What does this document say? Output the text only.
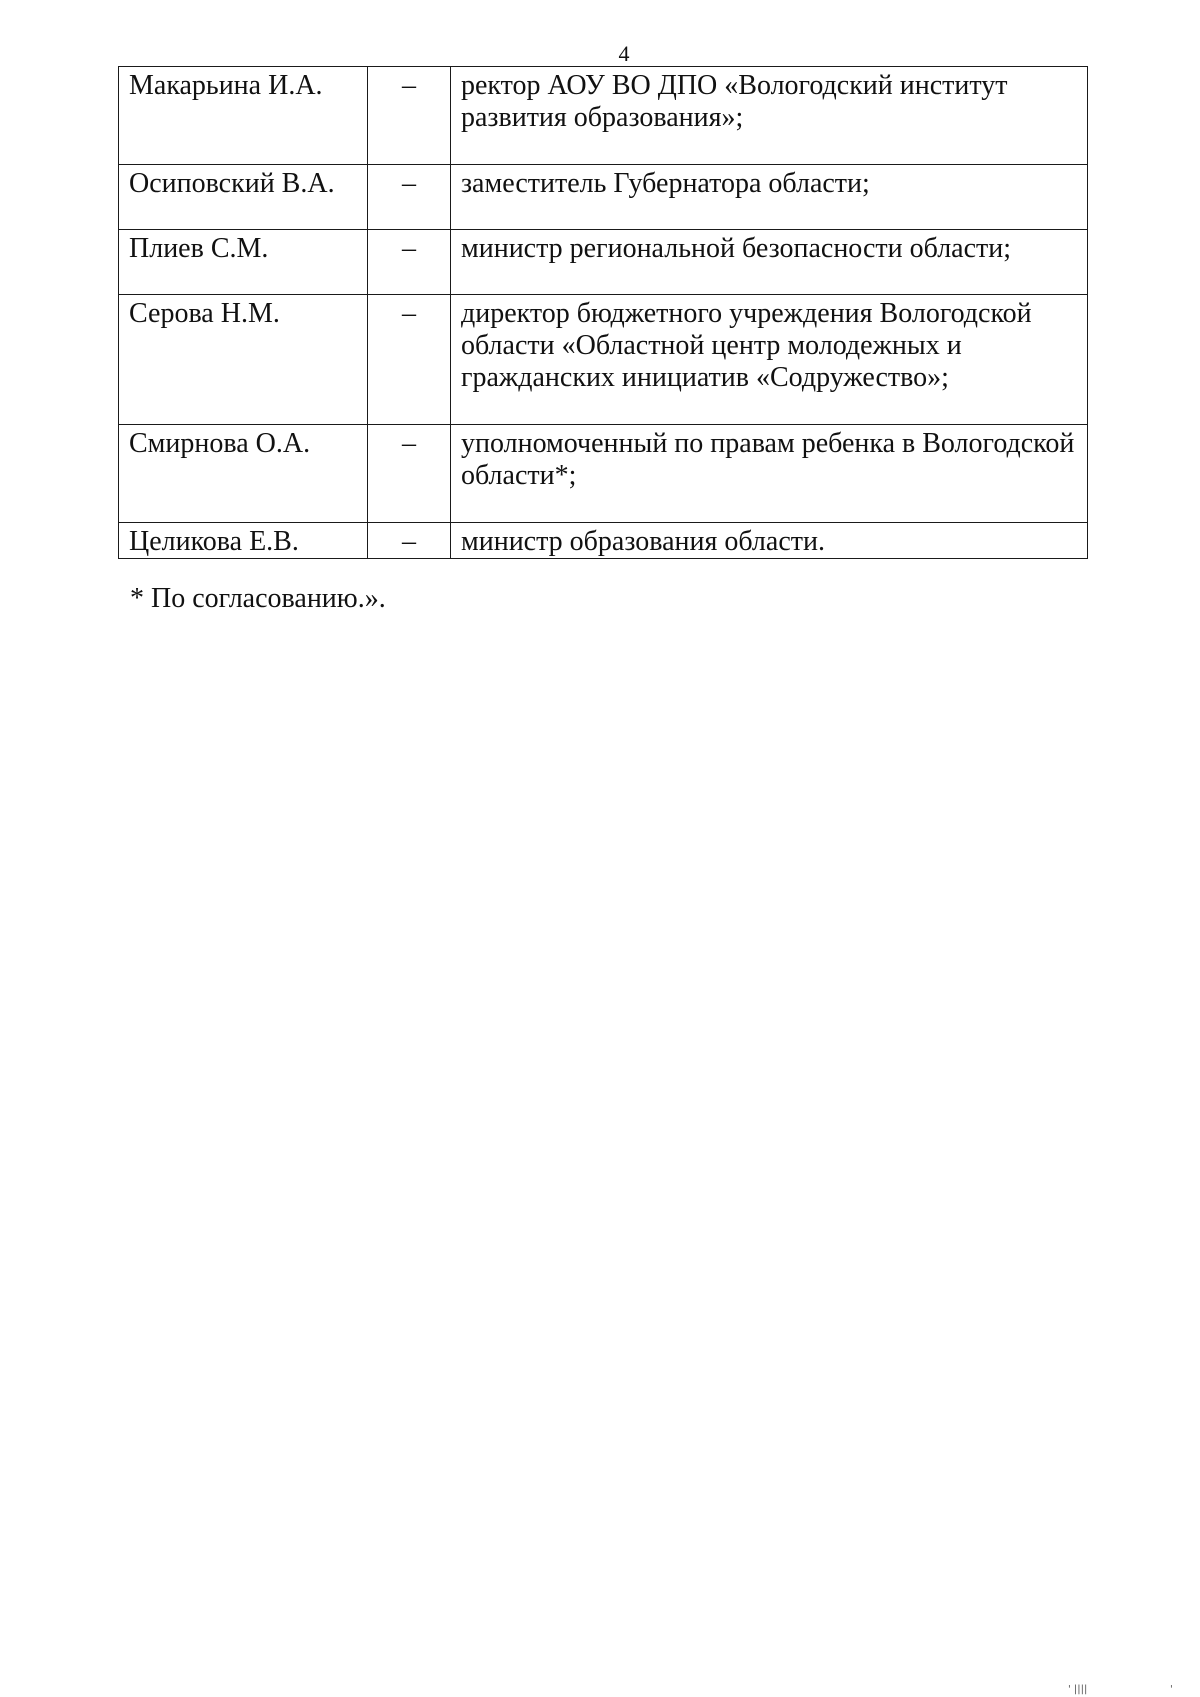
4
Макарьина И.А.	–	ректор АОУ ВО ДПО «Вологодский институт развития образования»;
Осиповский В.А.	–	заместитель Губернатора области;
Плиев С.М.	–	министр региональной безопасности области;
Серова Н.М.	–	директор бюджетного учреждения Вологодской области «Областной центр молодежных и гражданских инициатив «Содружество»;
Смирнова О.А.	–	уполномоченный по правам ребенка в Вологодской области*;
Целикова Е.В.	–	министр образования области.
* По согласованию.».
' ||||	'
